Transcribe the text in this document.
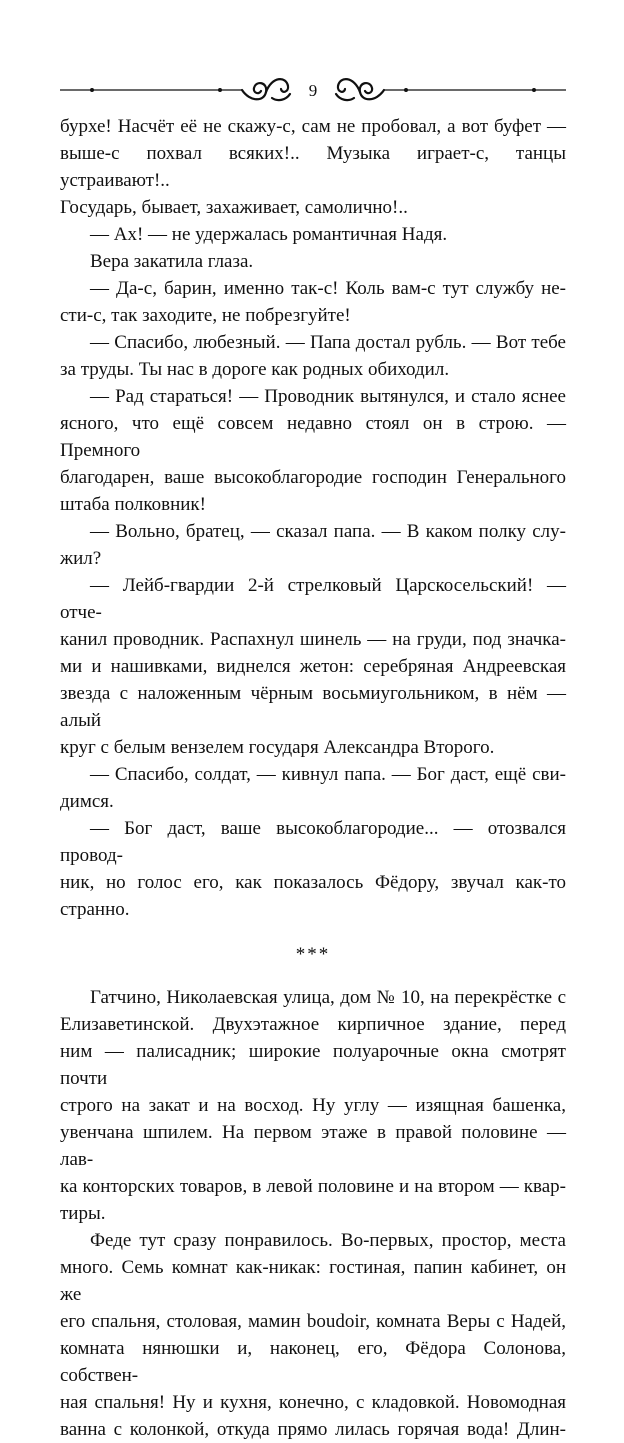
9

бурхе! Насчёт её не скажу-с, сам не пробовал, а вот буфет —

выше-с похвал всяких!.. Музыка играет-с, танцы устраивают!..

Государь, бывает, захаживает, самолично!..

— Ах! — не удержалась романтичная Надя.

Вера закатила глаза.

— Да-с, барин, именно так-с! Коль вам-с тут службу не-

сти-с, так заходите, не побрезгуйте!

— Спасибо, любезный. — Папа достал рубль. — Вот тебе

за труды. Ты нас в дороге как родных обиходил.

— Рад стараться! — Проводник вытянулся, и стало яснее

ясного, что ещё совсем недавно стоял он в строю. — Премного

благодарен, ваше высокоблагородие господин Генерального

штаба полковник!

— Вольно, братец, — сказал папа. — В каком полку слу-

жил?

— Лейб-гвардии 2-й стрелковый Царскосельский! — отче-

канил проводник. Распахнул шинель — на груди, под значка-

ми и нашивками, виднелся жетон: серебряная Андреевская

звезда с наложенным чёрным восьмиугольником, в нём — алый

круг с белым вензелем государя Александра Второго.

— Спасибо, солдат, — кивнул папа. — Бог даст, ещё сви-

димся.

— Бог даст, ваше высокоблагородие... — отозвался провод-

ник, но голос его, как показалось Фёдору, звучал как-то

странно.

***

Гатчино, Николаевская улица, дом № 10, на перекрёстке с

Елизаветинской. Двухэтажное кирпичное здание, перед

ним — палисадник; широкие полуарочные окна смотрят почти

строго на закат и на восход. Ну углу — изящная башенка,

увенчана шпилем. На первом этаже в правой половине — лав-

ка конторских товаров, в левой половине и на втором — квар-

тиры.

Феде тут сразу понравилось. Во-первых, простор, места

много. Семь комнат как-никак: гостиная, папин кабинет, он же

его спальня, столовая, мамин boudoir, комната Веры с Надей,

комната нянюшки и, наконец, его, Фёдора Солонова, собствен-

ная спальня! Ну и кухня, конечно, с кладовкой. Новомодная

ванна с колонкой, откуда прямо лилась горячая вода! Длин-
